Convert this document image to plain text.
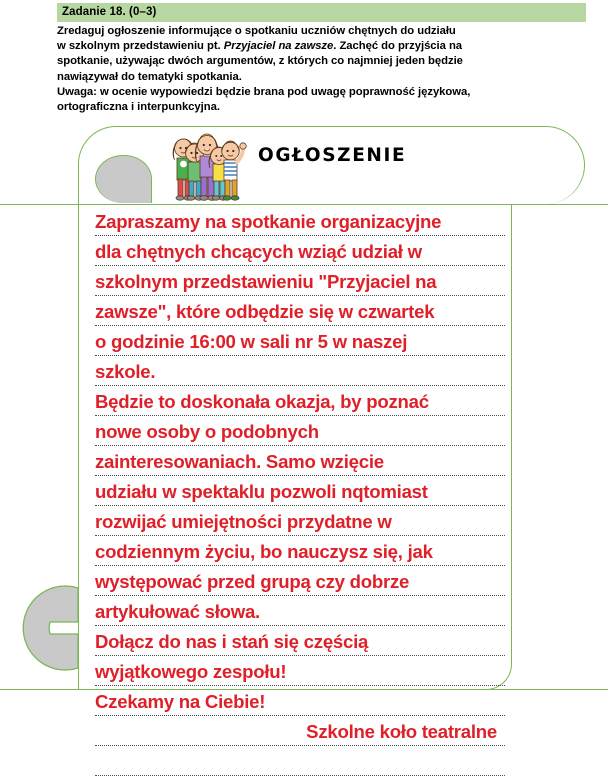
Zadanie 18. (0–3)

Zredaguj ogłoszenie informujące o spotkaniu uczniów chętnych do udziału

w szkolnym przedstawieniu pt. Przyjaciel na zawsze. Zachęć do przyjścia na

spotkanie, używając dwóch argumentów, z których co najmniej jeden będzie

nawiązywał do tematyki spotkania.

Uwaga: w ocenie wypowiedzi będzie brana pod uwagę poprawność językowa,

ortograficzna i interpunkcyjna.

OGŁOSZENIE
Zapraszamy na spotkanie organizacyjne
dla chętnych chcących wziąć udział w
szkolnym przedstawieniu "Przyjaciel na
zawsze", które odbędzie się w czwartek
o godzinie 16:00 w sali nr 5 w naszej
szkole.
Będzie to doskonała okazja, by poznać
nowe osoby o podobnych
zainteresowaniach. Samo wzięcie
udziału w spektaklu pozwoli nqtomiast
rozwijać umiejętności przydatne w
codziennym życiu, bo nauczysz się, jak
występować przed grupą czy dobrze
artykułować słowa.
Dołącz do nas i stań się częścią
wyjątkowego zespołu!
Czekamy na Ciebie!
Szkolne koło teatralne
